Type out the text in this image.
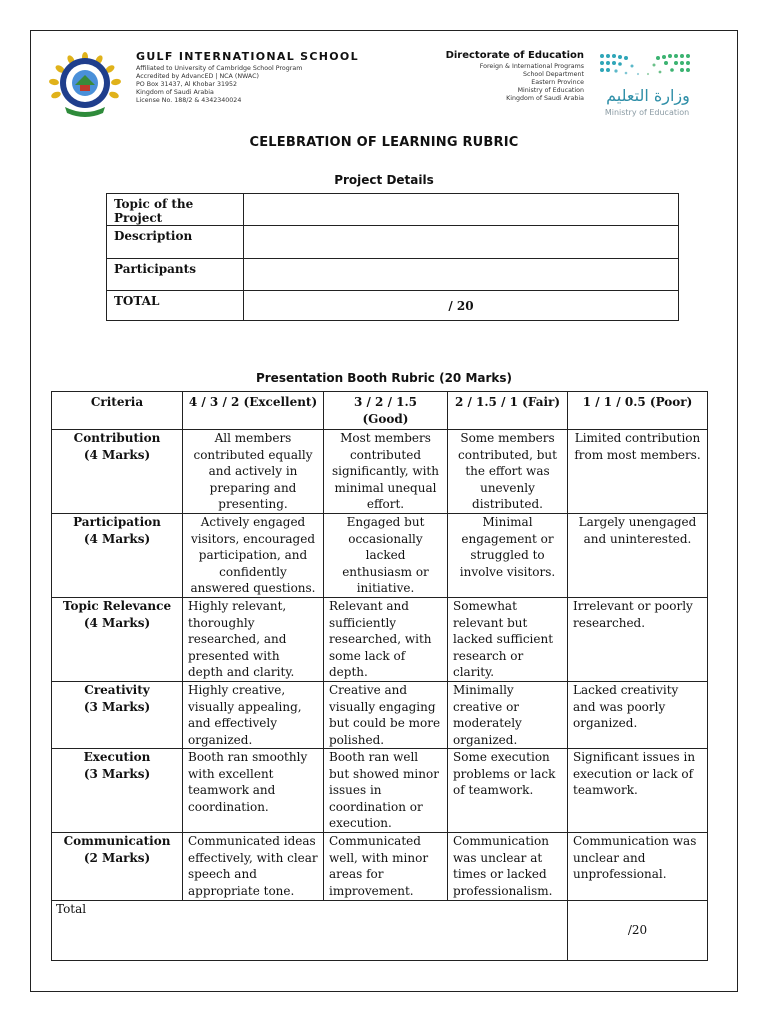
GULF INTERNATIONAL SCHOOL
Affiliated to University of Cambridge School Program
Accredited by AdvancED | NCA (NWAC)
PO Box 31437, Al Khobar 31952
Kingdom of Saudi Arabia
License No. 188/2 & 4342340024
Directorate of Education
Foreign & International Programs
School Department
Eastern Province
Ministry of Education
Kingdom of Saudi Arabia	وزارة التعليم
Ministry of Education
CELEBRATION OF LEARNING RUBRIC
Project Details
Topic of the Project	
Description	
Participants	
TOTAL	/ 20
Presentation Booth Rubric (20 Marks)
Criteria	4 / 3 / 2 (Excellent)	3 / 2 / 1.5 (Good)	2 / 1.5 / 1 (Fair)	1 / 1 / 0.5 (Poor)

Contribution
(4 Marks)	All members contributed equally and actively in preparing and presenting.	Most members contributed significantly, with minimal unequal effort.	Some members contributed, but the effort was unevenly distributed.	Limited contribution from most members.

Participation
(4 Marks)	Actively engaged visitors, encouraged participation, and confidently answered questions.	Engaged but occasionally lacked enthusiasm or initiative.	Minimal engagement or struggled to involve visitors.	Largely unengaged and uninterested.

Topic Relevance
(4 Marks)	Highly relevant, thoroughly researched, and presented with depth and clarity.	Relevant and sufficiently researched, with some lack of depth.	Somewhat relevant but lacked sufficient research or clarity.	Irrelevant or poorly researched.

Creativity
(3 Marks)	Highly creative, visually appealing, and effectively organized.	Creative and visually engaging but could be more polished.	Minimally creative or moderately organized.	Lacked creativity and was poorly organized.

Execution
(3 Marks)	Booth ran smoothly with excellent teamwork and coordination.	Booth ran well but showed minor issues in coordination or execution.	Some execution problems or lack of teamwork.	Significant issues in execution or lack of teamwork.

Communication
(2 Marks)	Communicated ideas effectively, with clear speech and appropriate tone.	Communicated well, with minor areas for improvement.	Communication was unclear at times or lacked professionalism.	Communication was unclear and unprofessional.
Total				/20
